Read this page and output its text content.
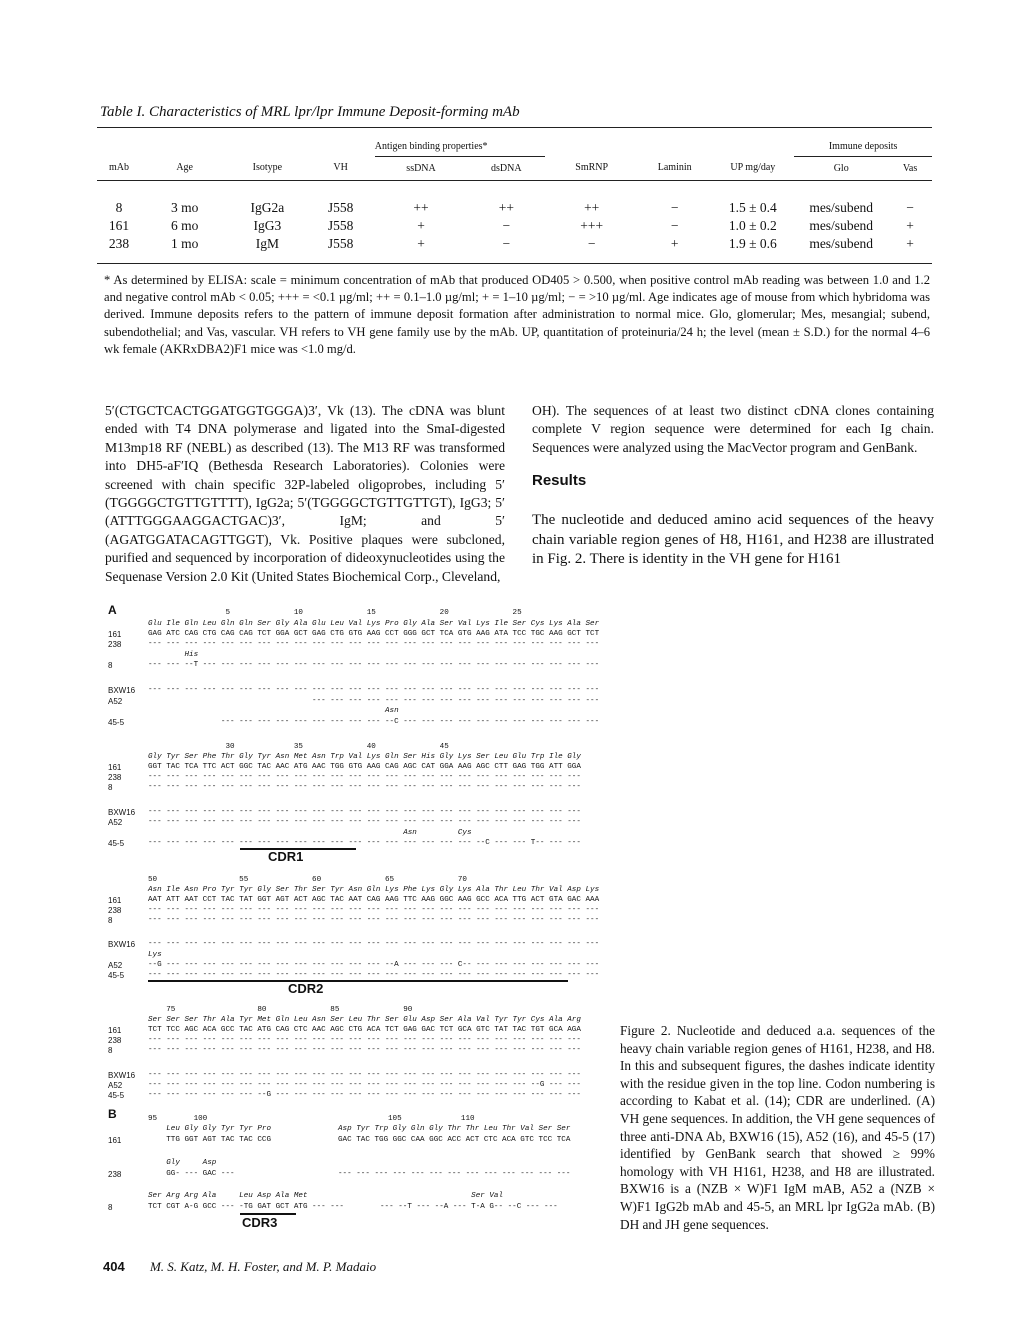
Table I. Characteristics of MRL lpr/lpr Immune Deposit-forming mAb
				Antigen binding properties*					Immune deposits	
mAb	Age	Isotype	VH	ssDNA	dsDNA	SmRNP	Laminin	UP mg/day	Glo	Vas

8	3 mo	IgG2a	J558	++	++	++	−	1.5 ± 0.4	mes/subend	−
161	6 mo	IgG3	J558	+	−	+++	−	1.0 ± 0.2	mes/subend	+
238	1 mo	IgM	J558	+	−	−	+	1.9 ± 0.6	mes/subend	+
* As determined by ELISA: scale = minimum concentration of mAb that produced OD405 > 0.500, when positive control mAb reading was between 1.0 and 1.2 and negative control mAb < 0.05; +++ = <0.1 µg/ml; ++ = 0.1–1.0 µg/ml; + = 1–10 µg/ml; − = >10 µg/ml. Age indicates age of mouse from which hybridoma was derived. Immune deposits refers to the pattern of immune deposit formation after administration to normal mice. Glo, glomerular; Mes, mesangial; subend, subendothelial; and Vas, vascular. VH refers to VH gene family use by the mAb. UP, quantitation of proteinuria/24 h; the level (mean ± S.D.) for the normal 4–6 wk female (AKRxDBA2)F1 mice was <1.0 mg/d.
5′(CTGCTCACTGGATGGTGGGA)3′, Vk (13). The cDNA was blunt ended with T4 DNA polymerase and ligated into the SmaI-digested M13mp18 RF (NEBL) as described (13). The M13 RF was transformed into DH5-aF′IQ (Bethesda Research Laboratories). Colonies were screened with chain specific 32P-labeled oligoprobes, including 5′(TGGGGCTGTTGTTTT), IgG2a; 5′(TGGGGCTGTTGTTGT), IgG3; 5′(ATTTGGGAAGGACTGAC)3′, IgM; and 5′(AGATGGATACAGTTGGT), Vk. Positive plaques were subcloned, purified and sequenced by incorporation of dideoxynucleotides using the Sequenase Version 2.0 Kit (United States Biochemical Corp., Cleveland,
OH). The sequences of at least two distinct cDNA clones containing complete V region sequence were determined for each Ig chain. Sequences were analyzed using the MacVector program and GenBank.
Results
The nucleotide and deduced amino acid sequences of the heavy chain variable region genes of H8, H161, and H238 are illustrated in Fig. 2. There is identity in the VH gene for H161
A	5              10              15              20              25
Glu Ile Gln Leu Gln Gln Ser Gly Ala Glu Leu Val Lys Pro Gly Ala Ser Val Lys Ile Ser Cys Lys Ala Ser
161	GAG ATC CAG CTG CAG CAG TCT GGA GCT GAG CTG GTG AAG CCT GGG GCT TCA GTG AAG ATA TCC TGC AAG GCT TCT
238	--- --- --- --- --- --- --- --- --- --- --- --- --- --- --- --- --- --- --- --- --- --- --- --- ---
His
8	--- --- --T --- --- --- --- --- --- --- --- --- --- --- --- --- --- --- --- --- --- --- --- --- ---
BXW16 --- --- --- --- --- --- --- --- --- --- --- --- --- --- --- --- --- --- --- --- --- --- --- --- ---
A52	--- --- --- --- --- --- --- --- --- --- --- --- --- --- --- ---
Asn
45-5	--- --- --- --- --- --- --- --- --- --C --- --- --- --- --- --- --- --- --- --- ---
30             35              40              45
Gly Tyr Ser Phe Thr Gly Tyr Asn Met Asn Trp Val Lys Gln Ser His Gly Lys Ser Leu Glu Trp Ile Gly
161	GGT TAC TCA TTC ACT GGC TAC AAC ATG AAC TGG GTG AAG CAG AGC CAT GGA AAG AGC CTT GAG TGG ATT GGA
238	--- --- --- --- --- --- --- --- --- --- --- --- --- --- --- --- --- --- --- --- --- --- --- ---
8	--- --- --- --- --- --- --- --- --- --- --- --- --- --- --- --- --- --- --- --- --- --- --- ---
BXW16 --- --- --- --- --- --- --- --- --- --- --- --- --- --- --- --- --- --- --- --- --- --- --- ---
A52	--- --- --- --- --- --- --- --- --- --- --- --- --- --- --- --- --- --- --- --- --- --- --- ---
Asn         Cys
45-5	--- --- --- --- --- --- --- --- --- --- --- --- --- --- --- --- --- --- --C --- --- T-- --- ---
CDR1
50                  55              60              65              70
Asn Ile Asn Pro Tyr Tyr Gly Ser Thr Ser Tyr Asn Gln Lys Phe Lys Gly Lys Ala Thr Leu Thr Val Asp Lys
161	AAT ATT AAT CCT TAC TAT GGT AGT ACT AGC TAC AAT CAG AAG TTC AAG GGC AAG GCC ACA TTG ACT GTA GAC AAA
238	--- --- --- --- --- --- --- --- --- --- --- --- --- --- --- --- --- --- --- --- --- --- --- --- ---
8	--- --- --- --- --- --- --- --- --- --- --- --- --- --- --- --- --- --- --- --- --- --- --- --- ---
BXW16 --- --- --- --- --- --- --- --- --- --- --- --- --- --- --- --- --- --- --- --- --- --- --- --- ---
Lys
A52	--G --- --- --- --- --- --- --- --- --- --- --- --- --A --- --- --- C-- --- --- --- --- --- --- ---
45-5	--- --- --- --- --- --- --- --- --- --- --- --- --- --- --- --- --- --- --- --- --- --- --- --- ---
CDR2
75                  80              85              90
Ser Ser Ser Thr Ala Tyr Met Gln Leu Asn Ser Leu Thr Ser Glu Asp Ser Ala Val Tyr Tyr Cys Ala Arg
161	TCT TCC AGC ACA GCC TAC ATG CAG CTC AAC AGC CTG ACA TCT GAG GAC TCT GCA GTC TAT TAC TGT GCA AGA
238	--- --- --- --- --- --- --- --- --- --- --- --- --- --- --- --- --- --- --- --- --- --- --- ---
8	--- --- --- --- --- --- --- --- --- --- --- --- --- --- --- --- --- --- --- --- --- --- --- ---
BXW16 --- --- --- --- --- --- --- --- --- --- --- --- --- --- --- --- --- --- --- --- --- --- --- ---
A52	--- --- --- --- --- --- --- --- --- --- --- --- --- --- --- --- --- --- --- --- --- --G --- ---
45-5	--- --- --- --- --- --- --G --- --- --- --- --- --- --- --- --- --- --- --- --- --- --- --- ---
B	95        100
Leu Gly Gly Tyr Tyr Pro
161	TTG GGT AGT TAC TAC CCG
105             110
Asp Tyr Trp Gly Gln Gly Thr Thr Leu Thr Val Ser Ser
GAC TAC TGG GGC CAA GGC ACC ACT CTC ACA GTC TCC TCA
Gly     Asp
238	GG- --- GAC ---	--- --- --- --- --- --- --- --- --- --- --- --- ---
Ser Arg Arg Ala     Leu Asp Ala Met
8	TCT CGT A-G GCC --- -TG GAT GCT ATG --- ---
Ser Val
--- --T --- --A --- T-A G-- --C --- ---
CDR3
Figure 2. Nucleotide and deduced a.a. sequences of the heavy chain variable region genes of H161, H238, and H8. In this and subsequent figures, the dashes indicate identity with the residue given in the top line. Codon numbering is according to Kabat et al. (14); CDR are underlined. (A) VH gene sequences. In addition, the VH gene sequences of three anti-DNA Ab, BXW16 (15), A52 (16), and 45-5 (17) identified by GenBank search that showed ≥ 99% homology with VH H161, H238, and H8 are illustrated. BXW16 is a (NZB × W)F1 IgM mAB, A52 a (NZB × W)F1 IgG2b mAb and 45-5, an MRL lpr IgG2a mAb. (B) DH and JH gene sequences.
404 M. S. Katz, M. H. Foster, and M. P. Madaio
